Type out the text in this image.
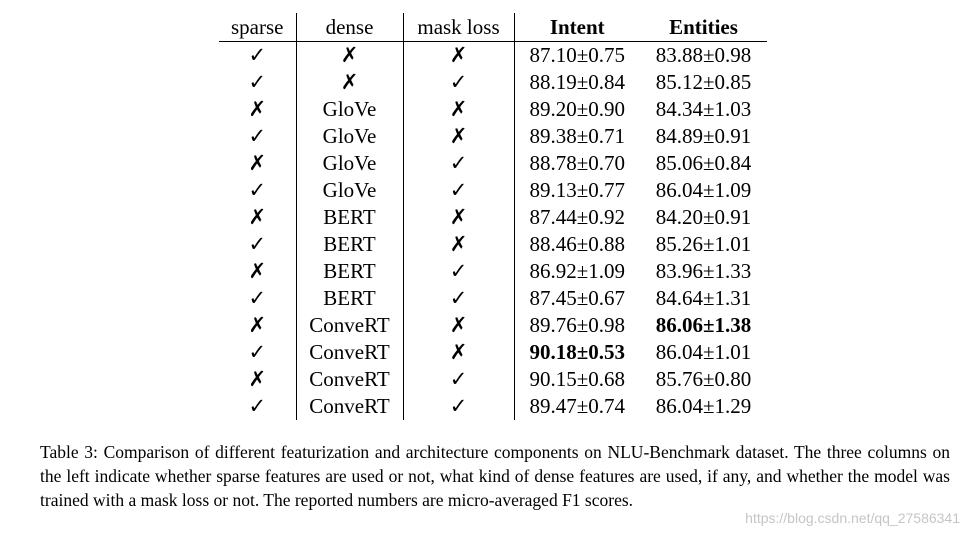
sparse	dense	mask loss	Intent	Entities
✓	✗	✗	87.10±0.75	83.88±0.98
✓	✗	✓	88.19±0.84	85.12±0.85
✗	GloVe	✗	89.20±0.90	84.34±1.03
✓	GloVe	✗	89.38±0.71	84.89±0.91
✗	GloVe	✓	88.78±0.70	85.06±0.84
✓	GloVe	✓	89.13±0.77	86.04±1.09
✗	BERT	✗	87.44±0.92	84.20±0.91
✓	BERT	✗	88.46±0.88	85.26±1.01
✗	BERT	✓	86.92±1.09	83.96±1.33
✓	BERT	✓	87.45±0.67	84.64±1.31
✗	ConveRT	✗	89.76±0.98	86.06±1.38
✓	ConveRT	✗	90.18±0.53	86.04±1.01
✗	ConveRT	✓	90.15±0.68	85.76±0.80
✓	ConveRT	✓	89.47±0.74	86.04±1.29
Table 3: Comparison of different featurization and architecture components on NLU-Benchmark dataset. The three columns on the left indicate whether sparse features are used or not, what kind of dense features are used, if any, and whether the model was trained with a mask loss or not. The reported numbers are micro-averaged F1 scores.
https://blog.csdn.net/qq_27586341
